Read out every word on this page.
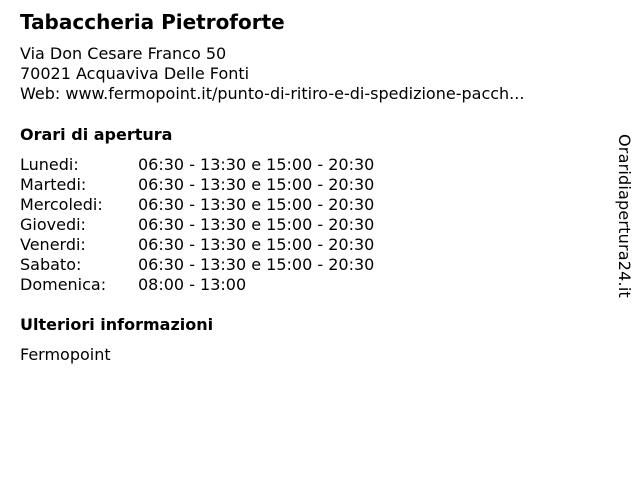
Tabaccheria Pietroforte
Via Don Cesare Franco 50
70021 Acquaviva Delle Fonti
Web: www.fermopoint.it/punto-di-ritiro-e-di-spedizione-pacch...
Orari di apertura
Lunedi:	06:30 - 13:30 e 15:00 - 20:30
Martedi:	06:30 - 13:30 e 15:00 - 20:30
Mercoledi: 06:30 - 13:30 e 15:00 - 20:30
Giovedi:	06:30 - 13:30 e 15:00 - 20:30
Venerdi:	06:30 - 13:30 e 15:00 - 20:30
Sabato:	06:30 - 13:30 e 15:00 - 20:30
Domenica: 08:00 - 13:00
Ulteriori informazioni
Fermopoint
Oraridiapertura24.it
